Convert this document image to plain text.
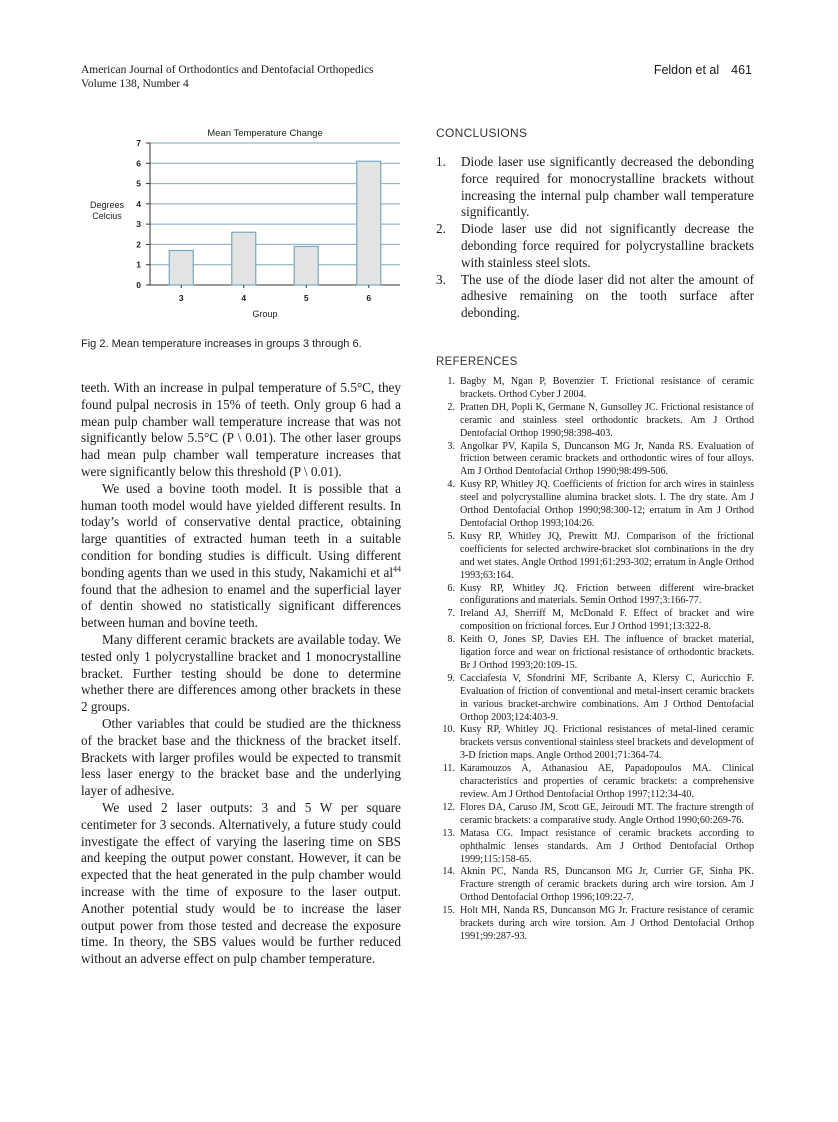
American Journal of Orthodontics and Dentofacial Orthopedics
Volume 138, Number 4
Feldon et al 461
Mean Temperature Change
0
1
2
3
4
5
6
7
Degrees
Celcius
3	4	5	6
Group
Fig 2. Mean temperature increases in groups 3 through 6.

teeth. With an increase in pulpal temperature of 5.5°C, they found pulpal necrosis in 15% of teeth. Only group 6 had a mean pulp chamber wall temperature increase that was not significantly below 5.5°C (P \ 0.01). The other laser groups had mean pulp chamber wall temperature increases that were significantly below this threshold (P \ 0.01).

We used a bovine tooth model. It is possible that a human tooth model would have yielded different results. In today’s world of conservative dental practice, obtaining large quantities of extracted human teeth in a suitable condition for bonding studies is difficult. Using different bonding agents than we used in this study, Nakamichi et $al^{44}$ found that the adhesion to enamel and the superficial layer of dentin showed no statistically significant differences between human and bovine teeth.

Many different ceramic brackets are available today. We tested only 1 polycrystalline bracket and 1 monocrystalline bracket. Further testing should be done to determine whether there are differences among other brackets in these 2 groups.

Other variables that could be studied are the thickness of the bracket base and the thickness of the bracket itself. Brackets with larger profiles would be expected to transmit less laser energy to the bracket base and the underlying layer of adhesive.

We used 2 laser outputs: 3 and 5 W per square centimeter for 3 seconds. Alternatively, a future study could investigate the effect of varying the lasering time on SBS and keeping the output power constant. However, it can be expected that the heat generated in the pulp chamber would increase with the time of exposure to the laser output. Another potential study would be to increase the laser output power from those tested and decrease the exposure time. In theory, the SBS values would be further reduced without an adverse effect on pulp chamber temperature.

CONCLUSIONS
1.	Diode laser use significantly decreased the debonding force required for monocrystalline brackets without increasing the internal pulp chamber wall temperature significantly.
2.	Diode laser use did not significantly decrease the debonding force required for polycrystalline brackets with stainless steel slots.
3.	The use of the diode laser did not alter the amount of adhesive remaining on the tooth surface after debonding.
REFERENCES
1. Bagby M, Ngan P, Bovenzier T. Frictional resistance of ceramic brackets. Orthod Cyber J 2004.
2. Pratten DH, Popli K, Germane N, Gunsolley JC. Frictional resistance of ceramic and stainless steel orthodontic brackets. Am J Orthod Dentofacial Orthop 1990;98:398-403.
3. Angolkar PV, Kapila S, Duncanson MG Jr, Nanda RS. Evaluation of friction between ceramic brackets and orthodontic wires of four alloys. Am J Orthod Dentofacial Orthop 1990;98:499-506.
4. Kusy RP, Whitley JQ. Coefficients of friction for arch wires in stainless steel and polycrystalline alumina bracket slots. I. The dry state. Am J Orthod Dentofacial Orthop 1990;98:300-12; erratum in Am J Orthod Dentofacial Orthop 1993;104:26.
5. Kusy RP, Whitley JQ, Prewitt MJ. Comparison of the frictional coefficients for selected archwire-bracket slot combinations in the dry and wet states. Angle Orthod 1991;61:293-302; erratum in Angle Orthod 1993;63:164.
6. Kusy RP, Whitley JQ. Friction between different wire-bracket configurations and materials. Semin Orthod 1997;3:166-77.
7. Ireland AJ, Sherriff M, McDonald F. Effect of bracket and wire composition on frictional forces. Eur J Orthod 1991;13:322-8.
8. Keith O, Jones SP, Davies EH. The influence of bracket material, ligation force and wear on frictional resistance of orthodontic brackets. Br J Orthod 1993;20:109-15.
9. Cacciafesta V, Sfondrini MF, Scribante A, Klersy C, Auricchio F. Evaluation of friction of conventional and metal-insert ceramic brackets in various bracket-archwire combinations. Am J Orthod Dentofacial Orthop 2003;124:403-9.
10. Kusy RP, Whitley JQ. Frictional resistances of metal-lined ceramic brackets versus conventional stainless steel brackets and development of 3-D friction maps. Angle Orthod 2001;71:364-74.
11. Karamouzos A, Athanasiou AE, Papadopoulos MA. Clinical characteristics and properties of ceramic brackets: a comprehensive review. Am J Orthod Dentofacial Orthop 1997;112:34-40.
12. Flores DA, Caruso JM, Scott GE, Jeiroudi MT. The fracture strength of ceramic brackets: a comparative study. Angle Orthod 1990;60:269-76.
13. Matasa CG. Impact resistance of ceramic brackets according to ophthalmic lenses standards. Am J Orthod Dentofacial Orthop 1999;115:158-65.
14. Aknin PC, Nanda RS, Duncanson MG Jr, Currier GF, Sinha PK. Fracture strength of ceramic brackets during arch wire torsion. Am J Orthod Dentofacial Orthop 1996;109:22-7.
15. Holt MH, Nanda RS, Duncanson MG Jr. Fracture resistance of ceramic brackets during arch wire torsion. Am J Orthod Dentofacial Orthop 1991;99:287-93.
